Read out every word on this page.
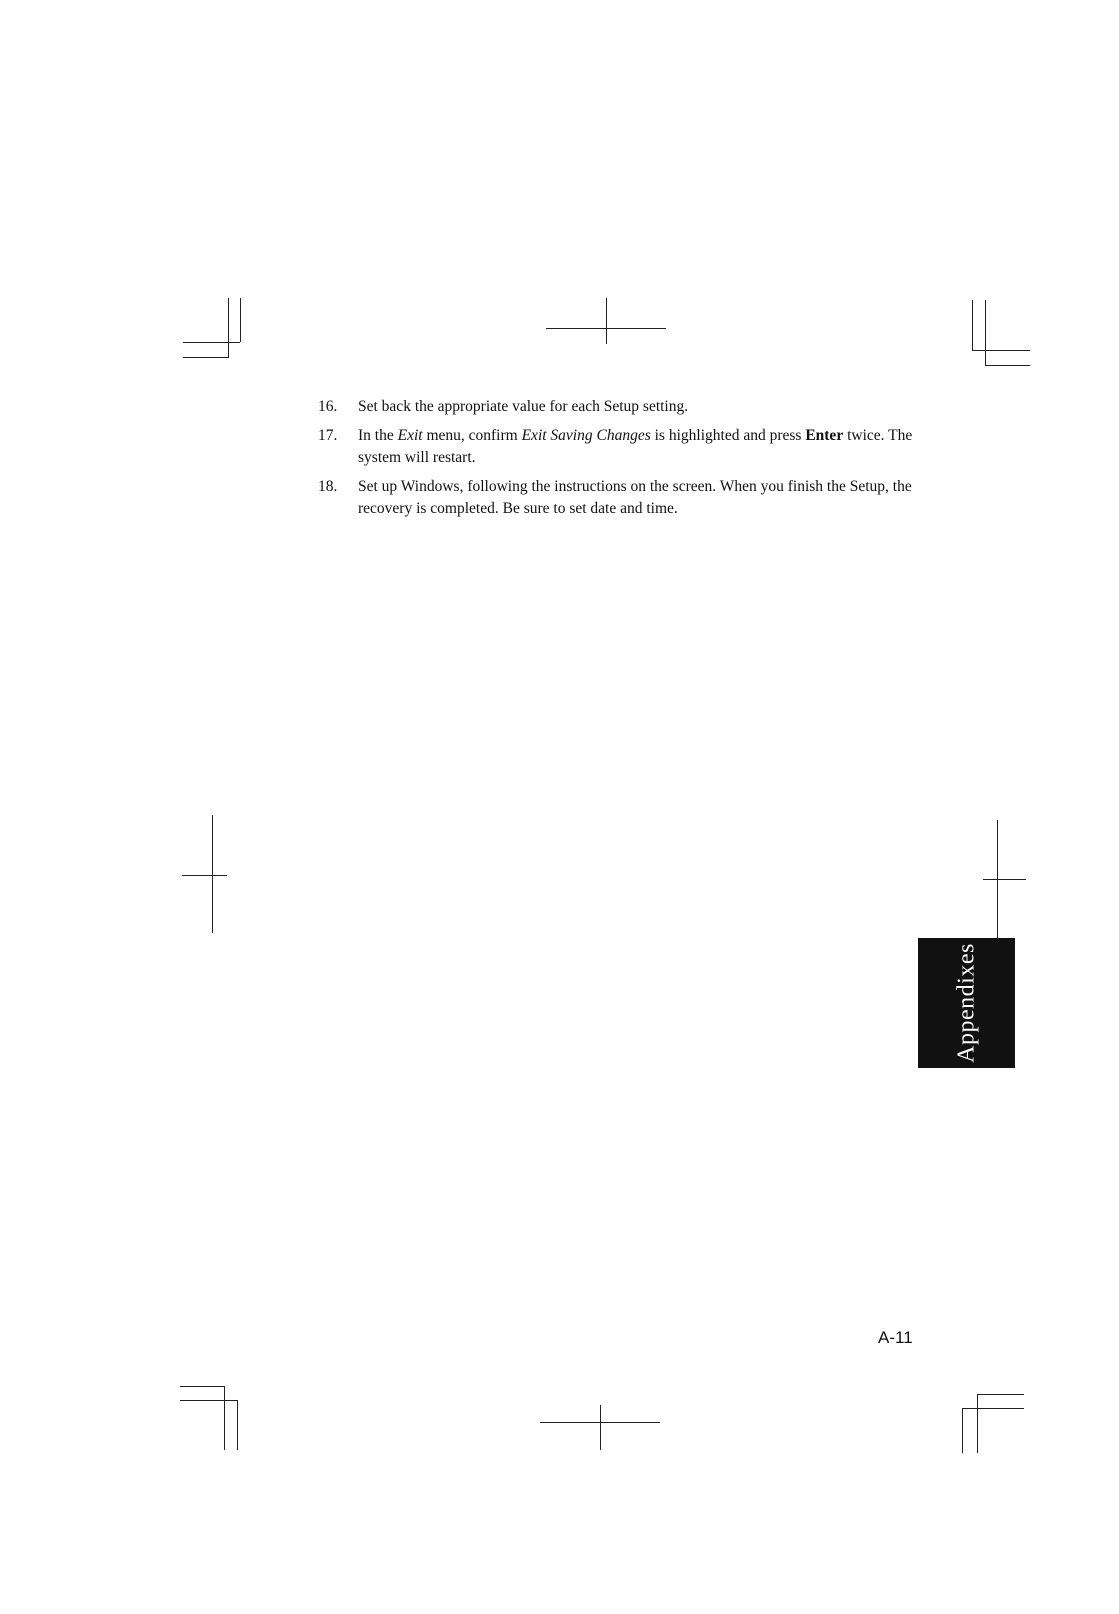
16. Set back the appropriate value for each Setup setting.
17. In the Exit menu, confirm Exit Saving Changes is highlighted and press Enter twice. The system will restart.
18. Set up Windows, following the instructions on the screen. When you finish the Setup, the recovery is completed. Be sure to set date and time.
Appendixes
A-11
